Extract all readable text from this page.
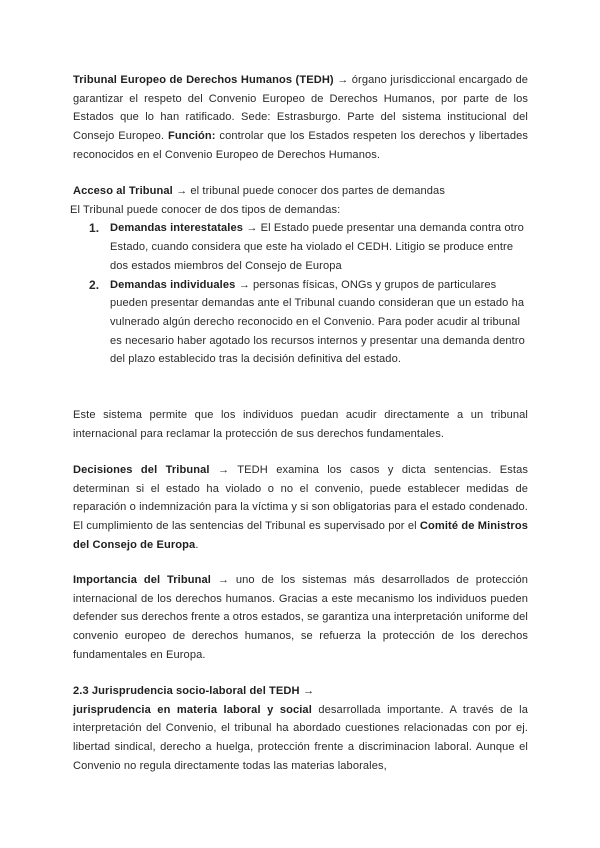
Tribunal Europeo de Derechos Humanos (TEDH) → órgano jurisdiccional encargado de garantizar el respeto del Convenio Europeo de Derechos Humanos, por parte de los Estados que lo han ratificado. Sede: Estrasburgo. Parte del sistema institucional del Consejo Europeo. Función: controlar que los Estados respeten los derechos y libertades reconocidos en el Convenio Europeo de Derechos Humanos.
Acceso al Tribunal → el tribunal puede conocer dos partes de demandas
El Tribunal puede conocer de dos tipos de demandas:
1. Demandas interestatales → El Estado puede presentar una demanda contra otro Estado, cuando considera que este ha violado el CEDH. Litigio se produce entre dos estados miembros del Consejo de Europa
2. Demandas individuales → personas físicas, ONGs y grupos de particulares pueden presentar demandas ante el Tribunal cuando consideran que un estado ha vulnerado algún derecho reconocido en el Convenio. Para poder acudir al tribunal es necesario haber agotado los recursos internos y presentar una demanda dentro del plazo establecido tras la decisión definitiva del estado.
Este sistema permite que los individuos puedan acudir directamente a un tribunal internacional para reclamar la protección de sus derechos fundamentales.
Decisiones del Tribunal → TEDH examina los casos y dicta sentencias. Estas determinan si el estado ha violado o no el convenio, puede establecer medidas de reparación o indemnización para la víctima y si son obligatorias para el estado condenado. El cumplimiento de las sentencias del Tribunal es supervisado por el Comité de Ministros del Consejo de Europa.
Importancia del Tribunal → uno de los sistemas más desarrollados de protección internacional de los derechos humanos. Gracias a este mecanismo los individuos pueden defender sus derechos frente a otros estados, se garantiza una interpretación uniforme del convenio europeo de derechos humanos, se refuerza la protección de los derechos fundamentales en Europa.
2.3 Jurisprudencia socio-laboral del TEDH →
jurisprudencia en materia laboral y social desarrollada importante. A través de la interpretación del Convenio, el tribunal ha abordado cuestiones relacionadas con por ej. libertad sindical, derecho a huelga, protección frente a discriminacion laboral. Aunque el Convenio no regula directamente todas las materias laborales,
